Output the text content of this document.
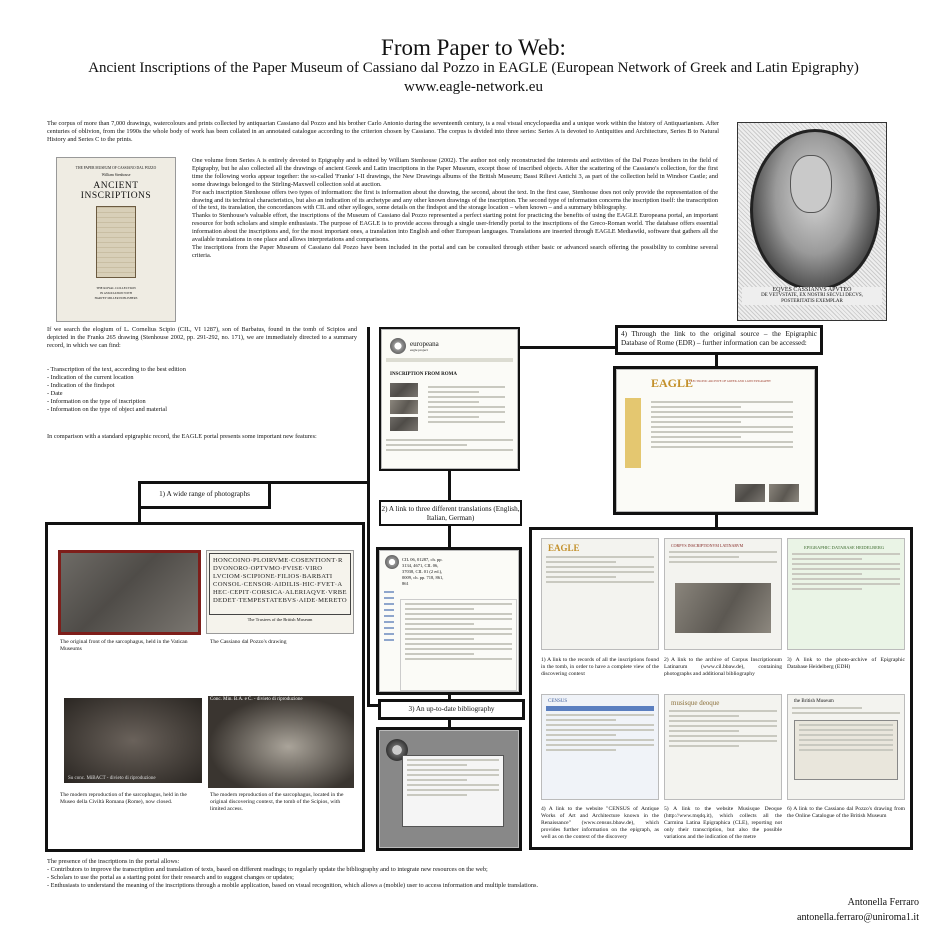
From Paper to Web:
Ancient Inscriptions of the Paper Museum of Cassiano dal Pozzo in EAGLE (European Network of Greek and Latin Epigraphy)
www.eagle-network.eu
The corpus of more than 7,000 drawings, watercolours and prints collected by antiquarian Cassiano dal Pozzo and his brother Carlo Antonio during the seventeenth century, is a real visual encyclopaedia and a unique work within the history of Antiquarianism. After centuries of oblivion, from the 1990s the whole body of work has been collated in an annotated catalogue according to the criterion chosen by Cassiano. The corpus is divided into three series: Series A is devoted to Antiquities and Architecture, Series B to Natural History and Series C to the prints.
THE PAPER MUSEUM OF CASSIANO DAL POZZO
William Stenhouse
ANCIENT INSCRIPTIONS
THE ROYAL COLLECTION
IN ASSOCIATION WITH
HARVEY MILLER PUBLISHERS
One volume from Series A is entirely devoted to Epigraphy and is edited by William Stenhouse (2002). The author not only reconstructed the interests and activities of the Dal Pozzo brothers in the field of Epigraphy, but he also collected all the drawings of ancient Greek and Latin inscriptions in the Paper Museum, except those of inscribed objects. After the scattering of the Cassiano's collection, for the first time the following works appear together: the so-called 'Franks' I-II drawings, the New Drawings albums of the British Museum; Bassi Rilievi Antichi 3, as part of the collection held in Windsor Castle; and some drawings belonged to the Stirling-Maxwell collection sold at auction.
For each inscription Stenhouse offers two types of information: the first is information about the drawing, the second, about the text. In the first case, Stenhouse does not only provide the representation of the drawing and its technical characteristics, but also an indication of its archetype and any other known drawings of the inscription. The second type of information concerns the inscription itself: the transcription of the text, its translation, the concordances with CIL and other sylloges, some details on the findspot and the storage location – when known – and a summary bibliography.
Thanks to Stenhouse's valuable effort, the inscriptions of the Museum of Cassiano dal Pozzo represented a perfect starting point for practicing the benefits of using the EAGLE Europeana portal, an important resource for both scholars and simple enthusiasts. The purpose of EAGLE is to provide access through a single user-friendly portal to the inscriptions of the Greco-Roman world. The database offers essential information about the inscriptions and, for the most important ones, a translation into English and other European languages. Translations are inserted through EAGLE Mediawiki, software that gathers all the available translations in one place and allows interpretations and comparisons.
The inscriptions from the Paper Museum of Cassiano dal Pozzo have been included in the portal and can be consulted through either basic or advanced search offering the possibility to combine several criteria.
EQVES CASSIANVS APVTEO
DE VETVSTATE, EX NOSTRI SECVLI DECVS,
POSTERITATIS EXEMPLAR
If we search the elogium of L. Cornelius Scipio (CIL, VI 1287), son of Barbatus, found in the tomb of Scipios and depicted in the Franks 265 drawing (Stenhouse 2002, pp. 291-292, no. 171), we are immediately directed to a summary record, in which we can find:
- Transcription of the text, according to the best edition
- Indication of the current location
- Indication of the findspot
- Date
- Information on the type of inscription
- Information on the type of object and material
In comparison with a standard epigraphic record, the EAGLE portal presents some important new features:
europeana
eagle project
INSCRIPTION FROM ROMA
4) Through the link to the original source – the Epigraphic Database of Rome (EDR) – further information can be accessed:
EAGLE
ELECTRONIC ARCHIVE OF GREEK AND LATIN EPIGRAPHY
1) A wide range of photographs
2) A link to three different translations (English, Italian, German)
HONCOINO·PLOIRVME·COSENTIONT·R
DVONORO·OPTVMO·FVISE·VIRO
LVCIOM·SCIPIONE·FILIOS·BARBATI
CONSOL·CENSOR·AIDILIS·HIC·FVET·A
HEC·CEPIT·CORSICA·ALERIAQVE·VRBE
DEDET·TEMPESTATEBVS·AIDE·MERETO
The Trustees of the British Museum
The original front of the sarcophagus, held in the Vatican Museums
The Cassiano dal Pozzo's drawing
Su conc. MiBACT - divieto di riproduzione
Conc. Min. B.A. e C. - divieto di riproduzione
The modern reproduction of the sarcophagus, held in the Museo della Civiltà Romana (Rome), now closed.
The modern reproduction of the sarcophagus, located in the original discovering context, the tomb of the Scipios, with limited access.
CIL 06, 01287, ch. pp.
3134, 4671, CIL 06,
37038, CIL 01 (2 ed.),
0009, ch. pp. 718, 861,
861
3) An up-to-date bibliography
EAGLE	CORPVS INSCRIPTIONVM LATINARVM	EPIGRAPHIC DATABASE HEIDELBERG
1) A link to the records of all the inscriptions found in the tomb, in order to have a complete view of the discovering context
2) A link to the archive of Corpus Inscriptionum Latinarum (www.cil.bbaw.de), containing photographs and additional bibliography
3) A link to the photo-archive of Epigraphic Database Heidelberg (EDH)
CENSUS	musisque deoque	the British Museum
4) A link to the website "CENSUS of Antique Works of Art and Architecture known in the Renaissance" (www.census.bbaw.de), which provides further information on the epigraph, as well as on the context of the discovery
5) A link to the website Musisque Deoque (http://www.mqdq.it), which collects all the Carmina Latina Epigraphica (CLE), reporting not only their transcription, but also the possible variations and the indication of the metre
6) A link to the Cassiano dal Pozzo's drawing from the Online Catalogue of the British Museum
The presence of the inscriptions in the portal allows:
- Contributors to improve the transcription and translation of texts, based on different readings; to regularly update the bibliography and to integrate new resources on the web;
- Scholars to use the portal as a starting point for their research and to suggest changes or updates;
- Enthusiasts to understand the meaning of the inscriptions through a mobile application, based on visual recognition, which allows a (mobile) user to access information and multiple translations.
Antonella Ferraro
antonella.ferraro@uniroma1.it
